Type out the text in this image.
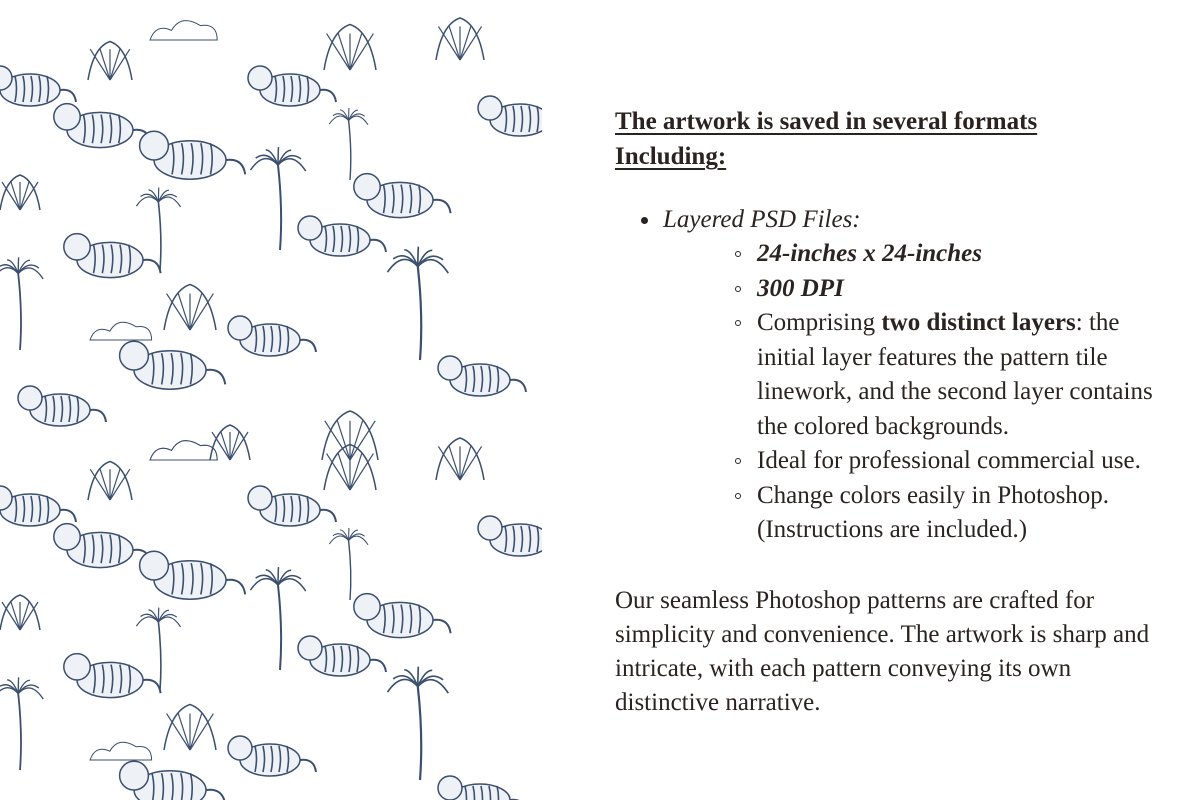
The artwork is saved in several formats
Including:
Layered PSD Files:
24-inches x 24-inches
300 DPI
Comprising two distinct layers: the initial layer features the pattern tile linework, and the second layer contains the colored backgrounds.
Ideal for professional commercial use.
Change colors easily in Photoshop. (Instructions are included.)

Our seamless Photoshop patterns are crafted for simplicity and convenience. The artwork is sharp and intricate, with each pattern conveying its own distinctive narrative.
